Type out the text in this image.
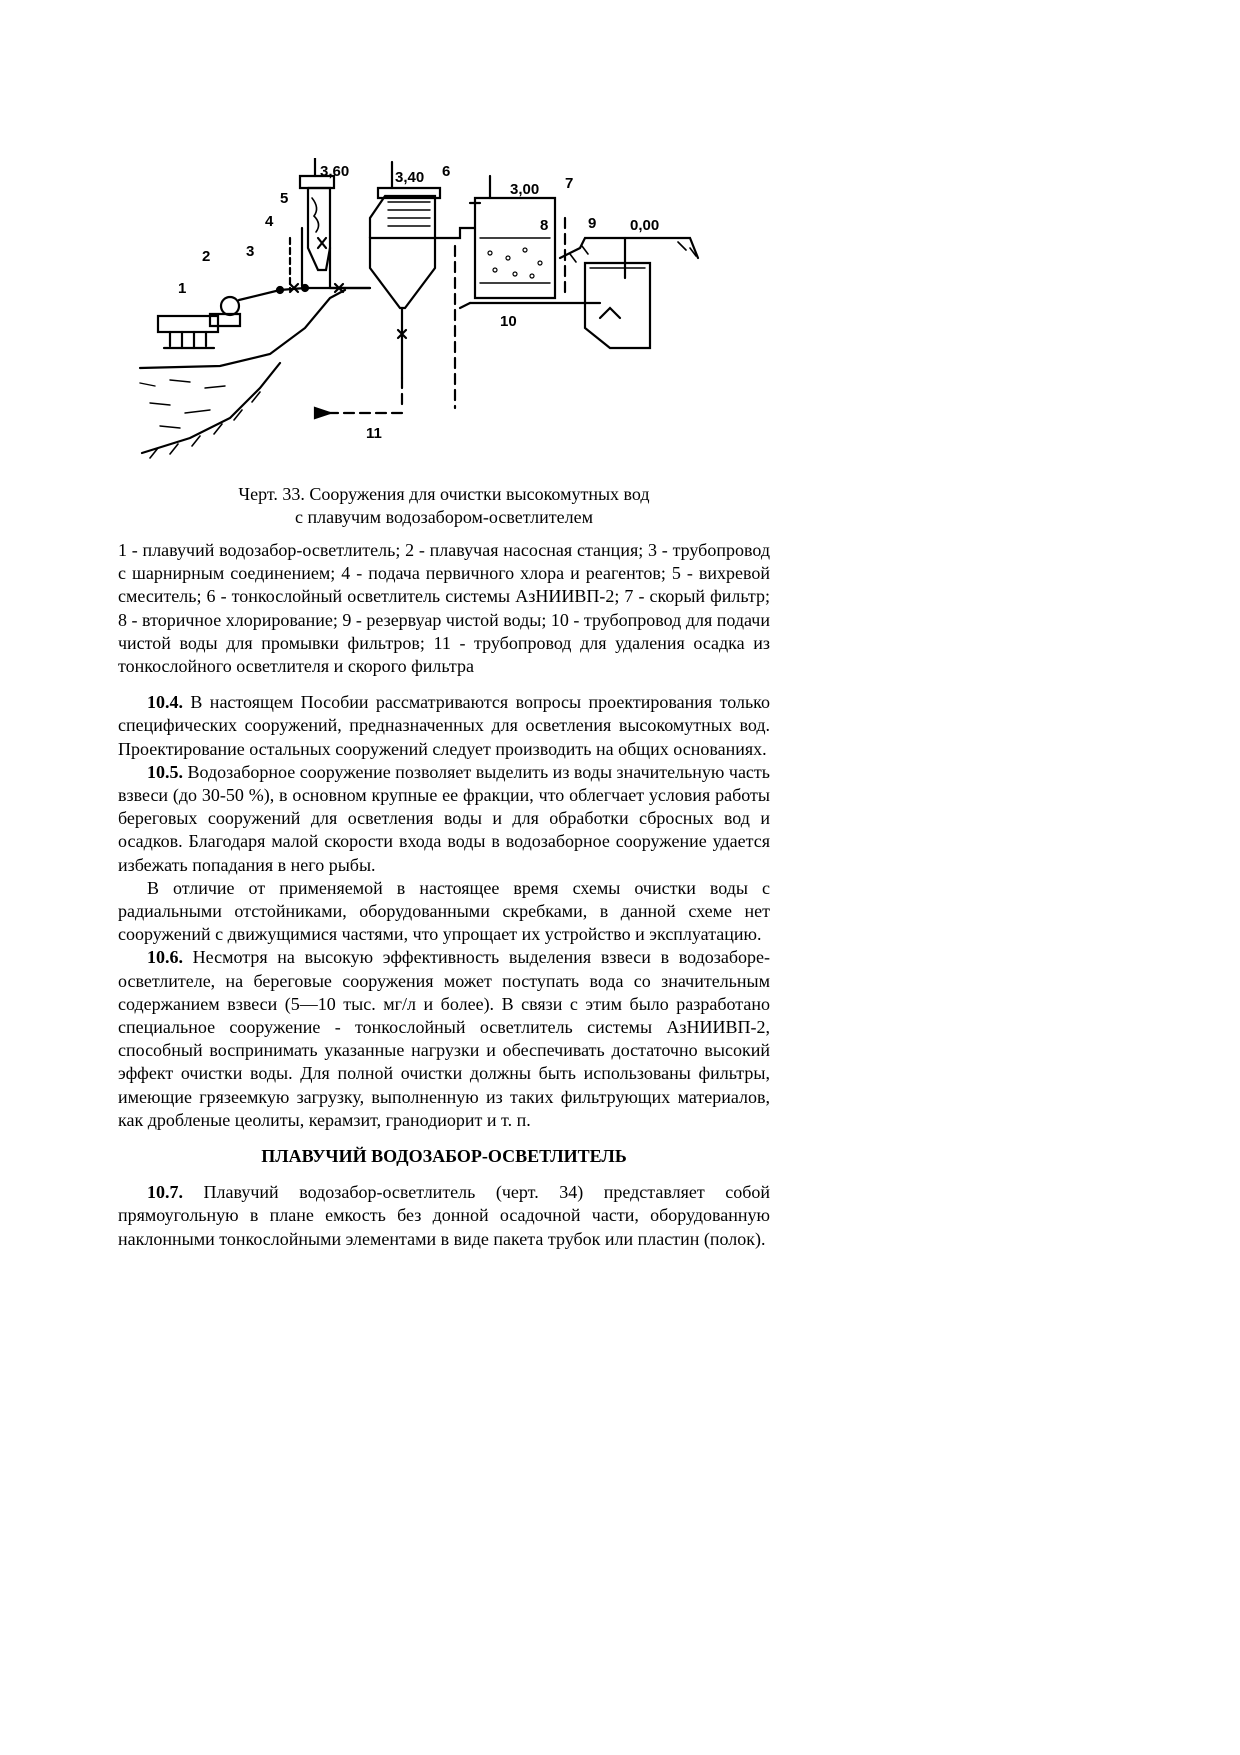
1
2 3
4
5
6
7
8	9
10
11
3,60	3,40
3,00
0,00
Черт. 33. Сооружения для очистки высокомутных вод
с плавучим водозабором-осветлителем

1 - плавучий водозабор-осветлитель; 2 - плавучая насосная станция; 3 - трубопровод с шарнирным соединением; 4 - подача первичного хлора и реагентов; 5 - вихревой смеситель; 6 - тонкослойный осветлитель системы АзНИИВП-2; 7 - скорый фильтр; 8 - вторичное хлорирование; 9 - резервуар чистой воды; 10 - трубопровод для подачи чистой воды для промывки фильтров; 11 - трубопровод для удаления осадка из тонкослойного осветлителя и скорого фильтра

10.4. В настоящем Пособии рассматриваются вопросы проектирования только специфических сооружений, предназначенных для осветления высокомутных вод. Проектирование остальных сооружений следует производить на общих основаниях.

10.5. Водозаборное сооружение позволяет выделить из воды значительную часть взвеси (до 30-50 %), в основном крупные ее фракции, что облегчает условия работы береговых сооружений для осветления воды и для обработки сбросных вод и осадков. Благодаря малой скорости входа воды в водозаборное сооружение удается избежать попадания в него рыбы.

В отличие от применяемой в настоящее время схемы очистки воды с радиальными отстойниками, оборудованными скребками, в данной схеме нет сооружений с движущимися частями, что упрощает их устройство и эксплуатацию.

10.6. Несмотря на высокую эффективность выделения взвеси в водозаборе-осветлителе, на береговые сооружения может поступать вода со значительным содержанием взвеси (5—10 тыс. мг/л и более). В связи с этим было разработано специальное сооружение - тонкослойный осветлитель системы АзНИИВП-2, способный воспринимать указанные нагрузки и обеспечивать достаточно высокий эффект очистки воды. Для полной очистки должны быть использованы фильтры, имеющие грязеемкую загрузку, выполненную из таких фильтрующих материалов, как дробленые цеолиты, керамзит, гранодиорит и т. п.

ПЛАВУЧИЙ ВОДОЗАБОР-ОСВЕТЛИТЕЛЬ

10.7. Плавучий водозабор-осветлитель (черт. 34) представляет собой прямоугольную в плане емкость без донной осадочной части, оборудованную наклонными тонкослойными элементами в виде пакета трубок или пластин (полок).
